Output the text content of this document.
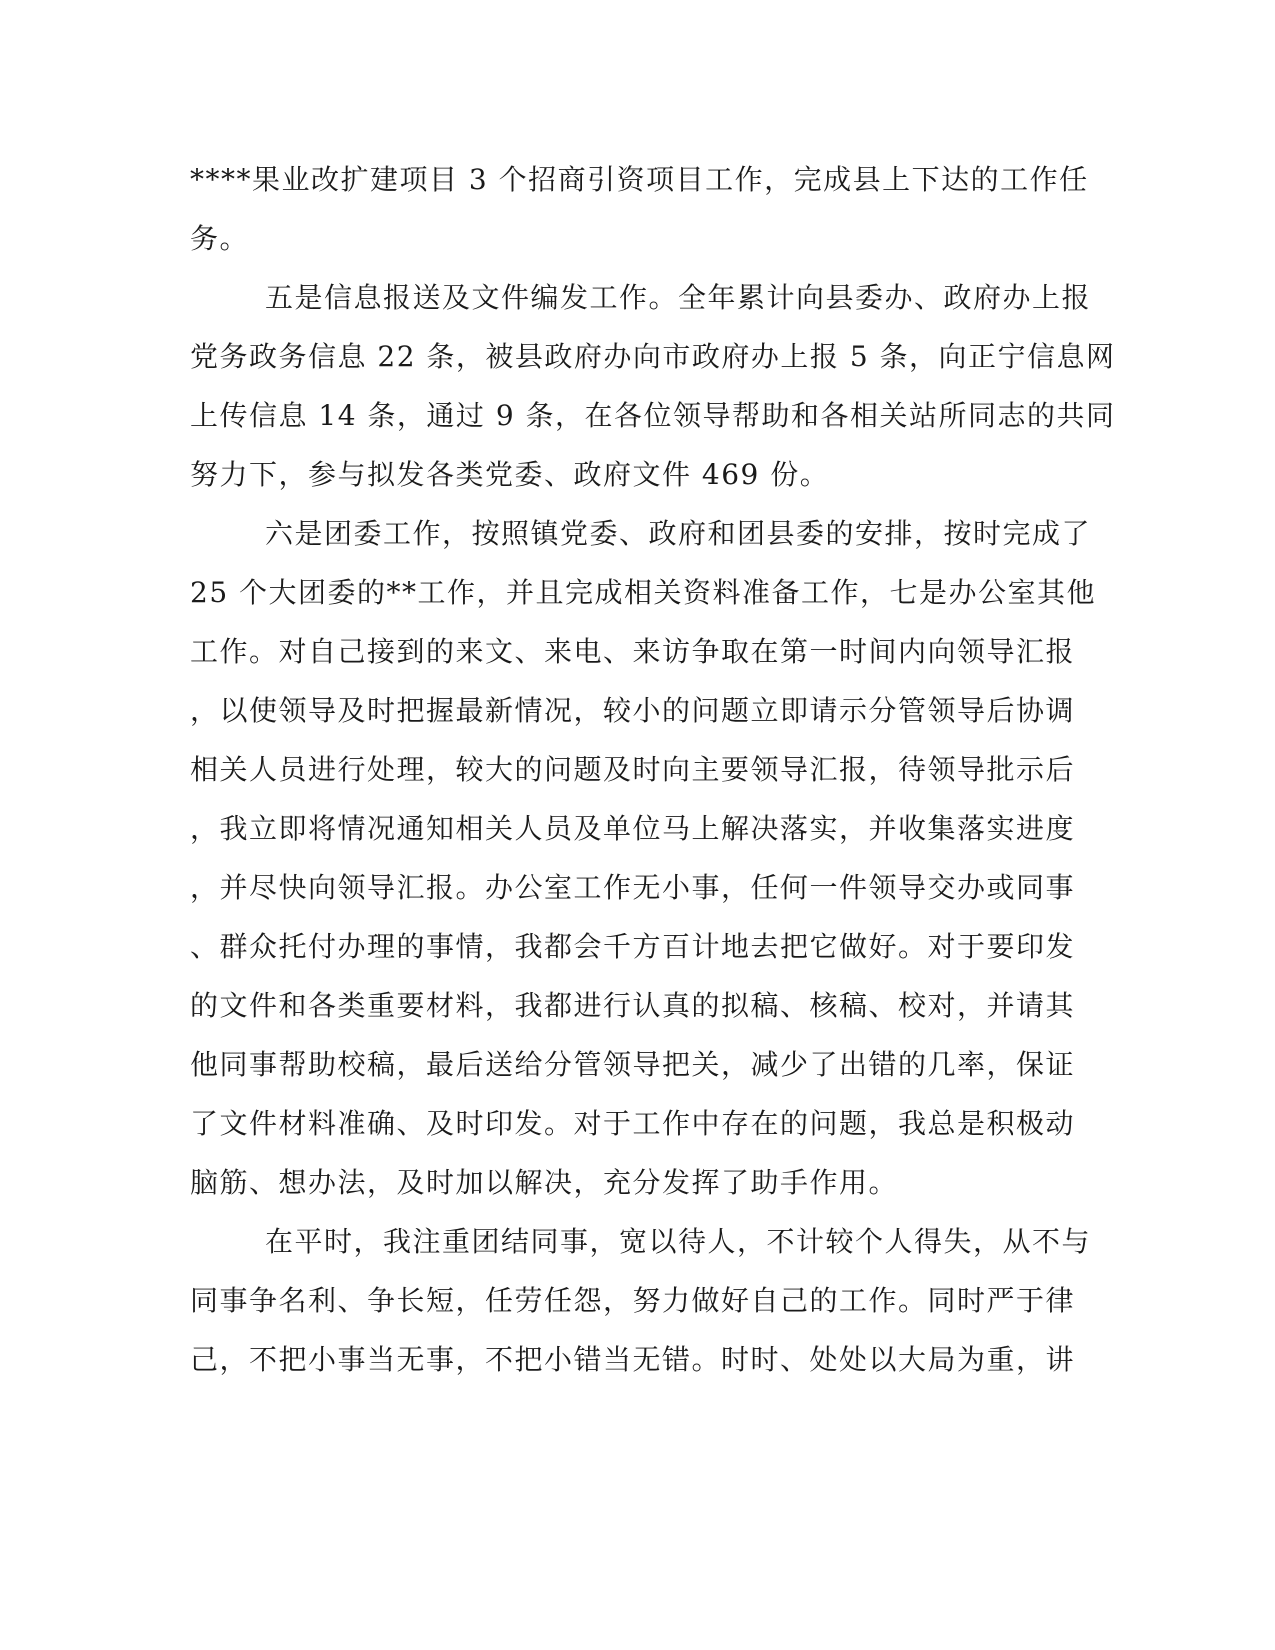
****果业改扩建项目 3 个招商引资项目工作，完成县上下达的工作任
务。
五是信息报送及文件编发工作。全年累计向县委办、政府办上报
党务政务信息 22 条，被县政府办向市政府办上报 5 条，向正宁信息网
上传信息 14 条，通过 9 条，在各位领导帮助和各相关站所同志的共同
努力下，参与拟发各类党委、政府文件 469 份。
六是团委工作，按照镇党委、政府和团县委的安排，按时完成了
25 个大团委的**工作，并且完成相关资料准备工作，七是办公室其他
工作。对自己接到的来文、来电、来访争取在第一时间内向领导汇报
，以使领导及时把握最新情况，较小的问题立即请示分管领导后协调
相关人员进行处理，较大的问题及时向主要领导汇报，待领导批示后
，我立即将情况通知相关人员及单位马上解决落实，并收集落实进度
，并尽快向领导汇报。办公室工作无小事，任何一件领导交办或同事
、群众托付办理的事情，我都会千方百计地去把它做好。对于要印发
的文件和各类重要材料，我都进行认真的拟稿、核稿、校对，并请其
他同事帮助校稿，最后送给分管领导把关，减少了出错的几率，保证
了文件材料准确、及时印发。对于工作中存在的问题，我总是积极动
脑筋、想办法，及时加以解决，充分发挥了助手作用。
在平时，我注重团结同事，宽以待人，不计较个人得失，从不与
同事争名利、争长短，任劳任怨，努力做好自己的工作。同时严于律
己，不把小事当无事，不把小错当无错。时时、处处以大局为重，讲
